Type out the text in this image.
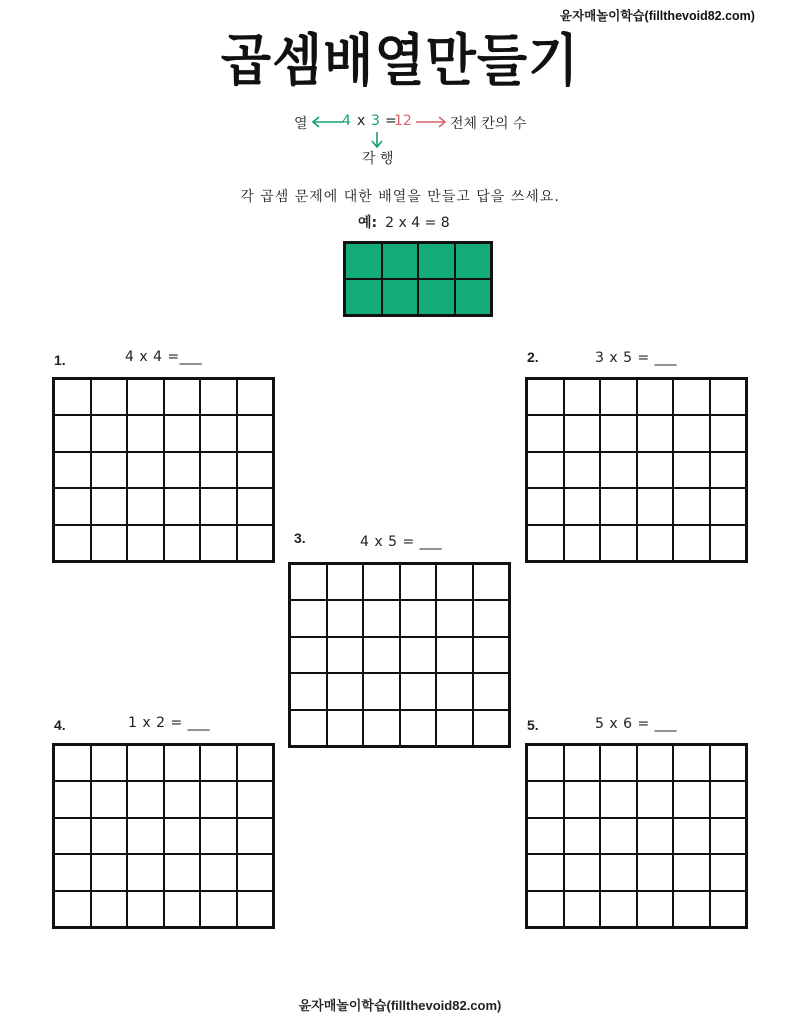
윤자매놀이학습(fillthevoid82.com)
곱셈배열만들기
열 4 x 3 =
12	전체 칸의 수
각 행
각 곱셈 문제에 대한 배열을 만들고 답을 쓰세요.
예: 2 x 4 = 8
1.	4 x 4 =___	2.	3 x 5 = ___
3.	4 x 5 = ___
4.	1 x 2 = ___	5.	5 x 6 = ___
윤자매놀이학습(fillthevoid82.com)
